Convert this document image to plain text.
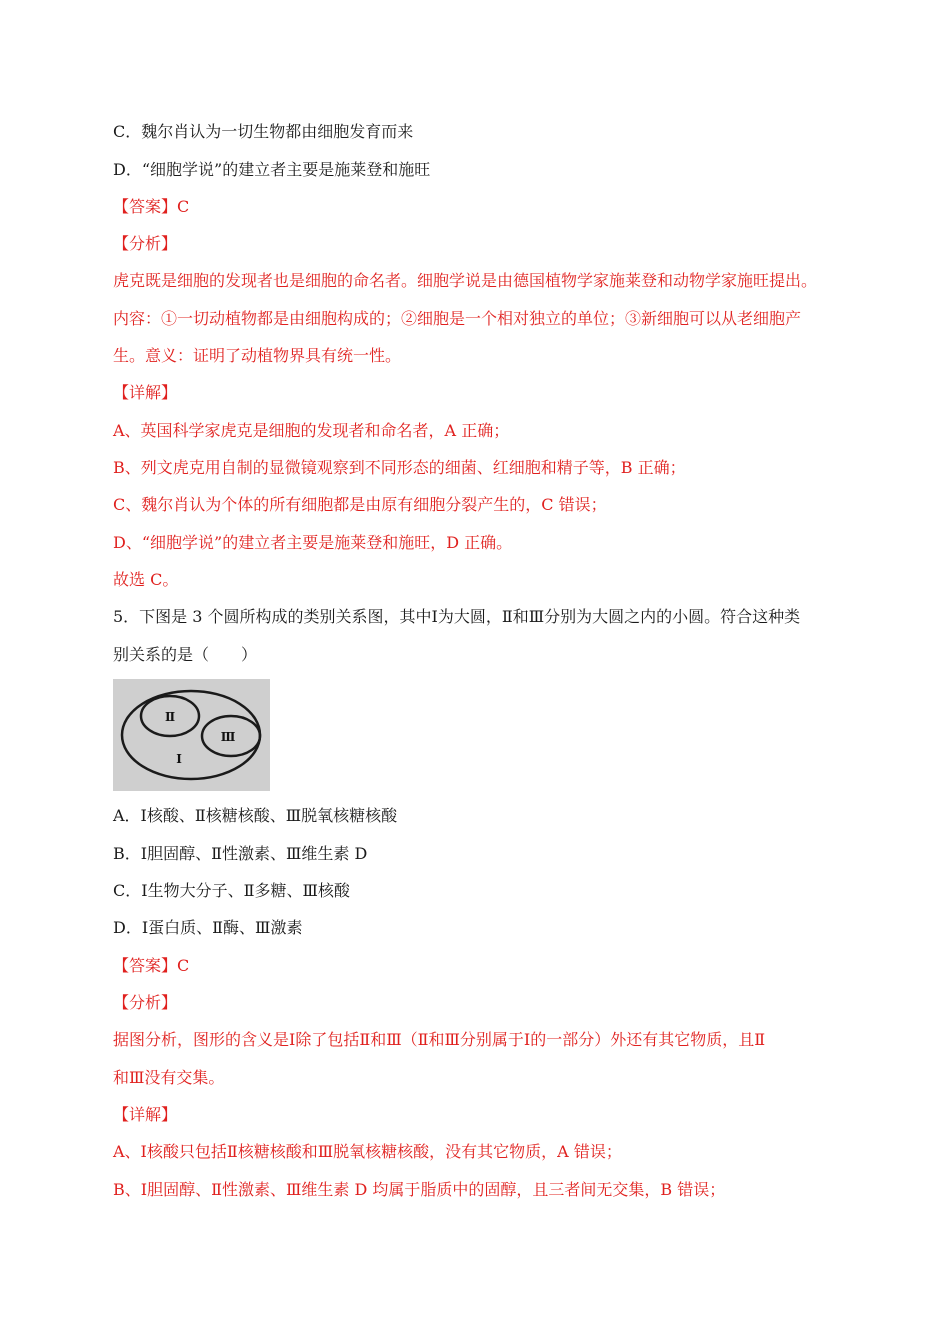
C．魏尔肖认为一切生物都由细胞发育而来
D．“细胞学说”的建立者主要是施莱登和施旺
【答案】C
【分析】
虎克既是细胞的发现者也是细胞的命名者。细胞学说是由德国植物学家施莱登和动物学家施旺提出。
内容：①一切动植物都是由细胞构成的；②细胞是一个相对独立的单位；③新细胞可以从老细胞产
生。意义：证明了动植物界具有统一性。
【详解】
A、英国科学家虎克是细胞的发现者和命名者，A 正确；
B、列文虎克用自制的显微镜观察到不同形态的细菌、红细胞和精子等，B 正确；
C、魏尔肖认为个体的所有细胞都是由原有细胞分裂产生的，C 错误；
D、“细胞学说”的建立者主要是施莱登和施旺，D 正确。
故选 C。
5．下图是 3 个圆所构成的类别关系图，其中Ⅰ为大圆，Ⅱ和Ⅲ分别为大圆之内的小圆。符合这种类
别关系的是（　　）
Ⅱ
Ⅲ
Ⅰ
A．Ⅰ核酸、Ⅱ核糖核酸、Ⅲ脱氧核糖核酸
B．Ⅰ胆固醇、Ⅱ性激素、Ⅲ维生素 D
C．Ⅰ生物大分子、Ⅱ多糖、Ⅲ核酸
D．Ⅰ蛋白质、Ⅱ酶、Ⅲ激素
【答案】C
【分析】
据图分析，图形的含义是Ⅰ除了包括Ⅱ和Ⅲ（Ⅱ和Ⅲ分别属于Ⅰ的一部分）外还有其它物质，且Ⅱ
和Ⅲ没有交集。
【详解】
A、Ⅰ核酸只包括Ⅱ核糖核酸和Ⅲ脱氧核糖核酸，没有其它物质，A 错误；
B、Ⅰ胆固醇、Ⅱ性激素、Ⅲ维生素 D 均属于脂质中的固醇，且三者间无交集，B 错误；
